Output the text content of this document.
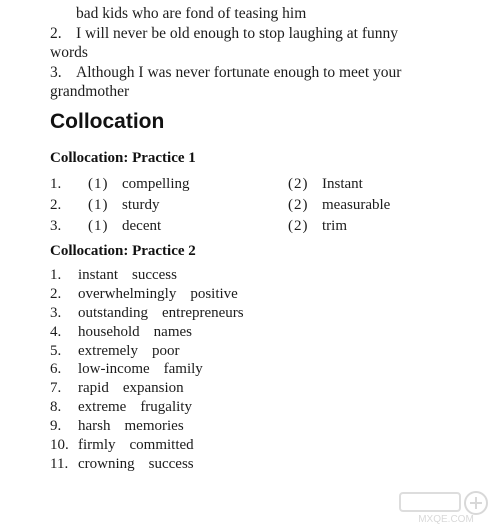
bad kids who are fond of teasing him
2. I will never be old enough to stop laughing at funny
words
3. Although I was never fortunate enough to meet your
grandmother
Collocation
Collocation: Practice 1
1.	(1) compelling	(2) Instant
2.	(1) sturdy	(2) measurable
3.	(1) decent	(2) trim
Collocation: Practice 2
1.	instant success
2.	overwhelmingly positive
3.	outstanding entrepreneurs
4.	household names
5.	extremely poor
6.	low-income family
7.	rapid expansion
8.	extreme frugality
9.	harsh memories
10. firmly committed
11. crowning success
MXQE.COM
